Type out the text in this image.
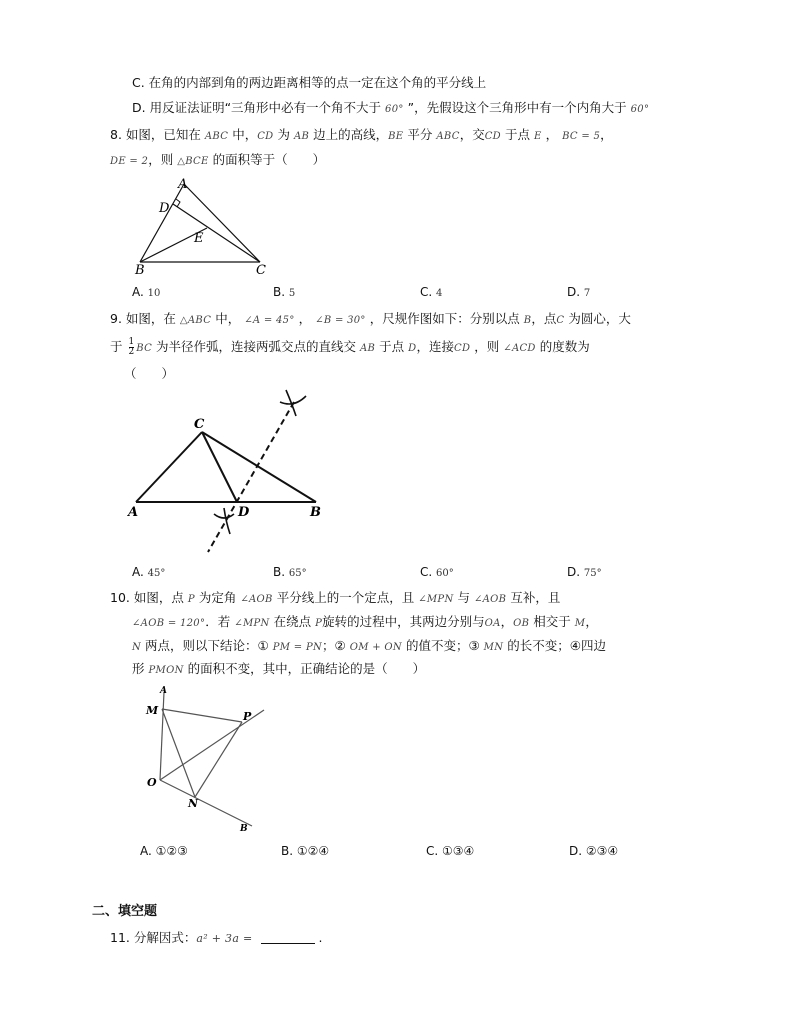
C. 在角的内部到角的两边距离相等的点一定在这个角的平分线上
D. 用反证法证明“三角形中必有一个角不大于 60° ”，先假设这个三角形中有一个内角大于 60°
8. 如图，已知在 ABC 中，CD 为 AB 边上的高线，BE 平分 ABC，交CD 于点 E ， BC = 5，
DE = 2，则 △BCE 的面积等于（　　）
A
D
E
B	C
A. 10	B. 5	C. 4	D. 7
9. 如图，在 △ABC 中， ∠A = 45° ， ∠B = 30° ，尺规作图如下：分别以点 B，点C 为圆心，大
于 $\frac{1}{2}$ BC 为半径作弧，连接两弧交点的直线交 AB 于点 D，连接CD ，则 ∠ACD 的度数为
（　　）
C
A	D	B
A. 45°	B. 65°	C. 60°	D. 75°
10. 如图，点 P 为定角 ∠AOB 平分线上的一个定点，且 ∠MPN 与 ∠AOB 互补，且
∠AOB = 120°．若 ∠MPN 在绕点 P旋转的过程中，其两边分别与OA，OB 相交于 M，
N 两点，则以下结论：① PM = PN；② OM + ON 的值不变；③ MN 的长不变；④四边
形 PMON 的面积不变，其中，正确结论的是（　　）
A
M	P
O
N
B
A. ①②③	B. ①②④	C. ①③④	D. ②③④
二、填空题
11. 分解因式：a² + 3a =	.
